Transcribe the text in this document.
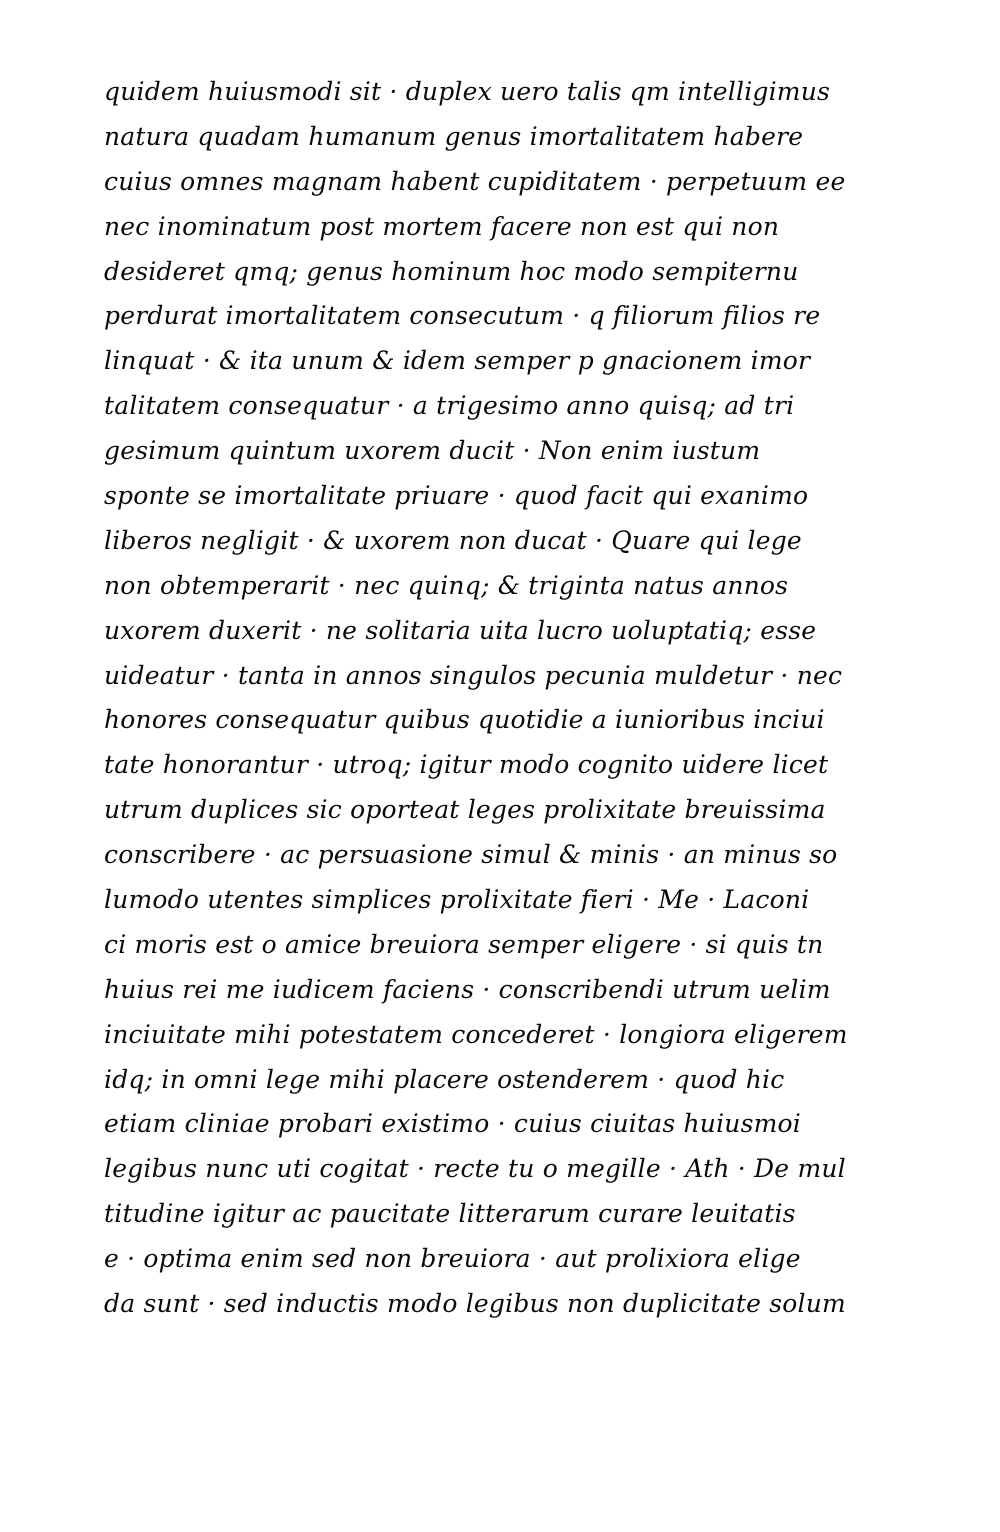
quidem huiusmodi sit · duplex uero talis qm intelligimus
natura quadam humanum genus imortalitatem habere
cuius omnes magnam habent cupiditatem · perpetuum ee
nec inominatum post mortem facere non est qui non
desideret qmq; genus hominum hoc modo sempiternu
perdurat imortalitatem consecutum · q filiorum filios re
linquat · & ita unum & idem semper p gnacionem imor
talitatem consequatur · a trigesimo anno quisq; ad tri
gesimum quintum uxorem ducit · Non enim iustum
sponte se imortalitate priuare · quod facit qui exanimo
liberos negligit · & uxorem non ducat · Quare qui lege
non obtemperarit · nec quinq; & triginta natus annos
uxorem duxerit · ne solitaria uita lucro uoluptatiq; esse
uideatur · tanta in annos singulos pecunia muldetur · nec
honores consequatur quibus quotidie a iunioribus inciui
tate honorantur · utroq; igitur modo cognito uidere licet
utrum duplices sic oporteat leges prolixitate breuissima
conscribere · ac persuasione simul & minis · an minus so
lumodo utentes simplices prolixitate fieri · Me · Laconi
ci moris est o amice breuiora semper eligere · si quis tn
huius rei me iudicem faciens · conscribendi utrum uelim
inciuitate mihi potestatem concederet · longiora eligerem
idq; in omni lege mihi placere ostenderem · quod hic
etiam cliniae probari existimo · cuius ciuitas huiusmoi
legibus nunc uti cogitat · recte tu o megille · Ath · De mul
titudine igitur ac paucitate litterarum curare leuitatis
e · optima enim sed non breuiora · aut prolixiora elige
da sunt · sed inductis modo legibus non duplicitate solum
